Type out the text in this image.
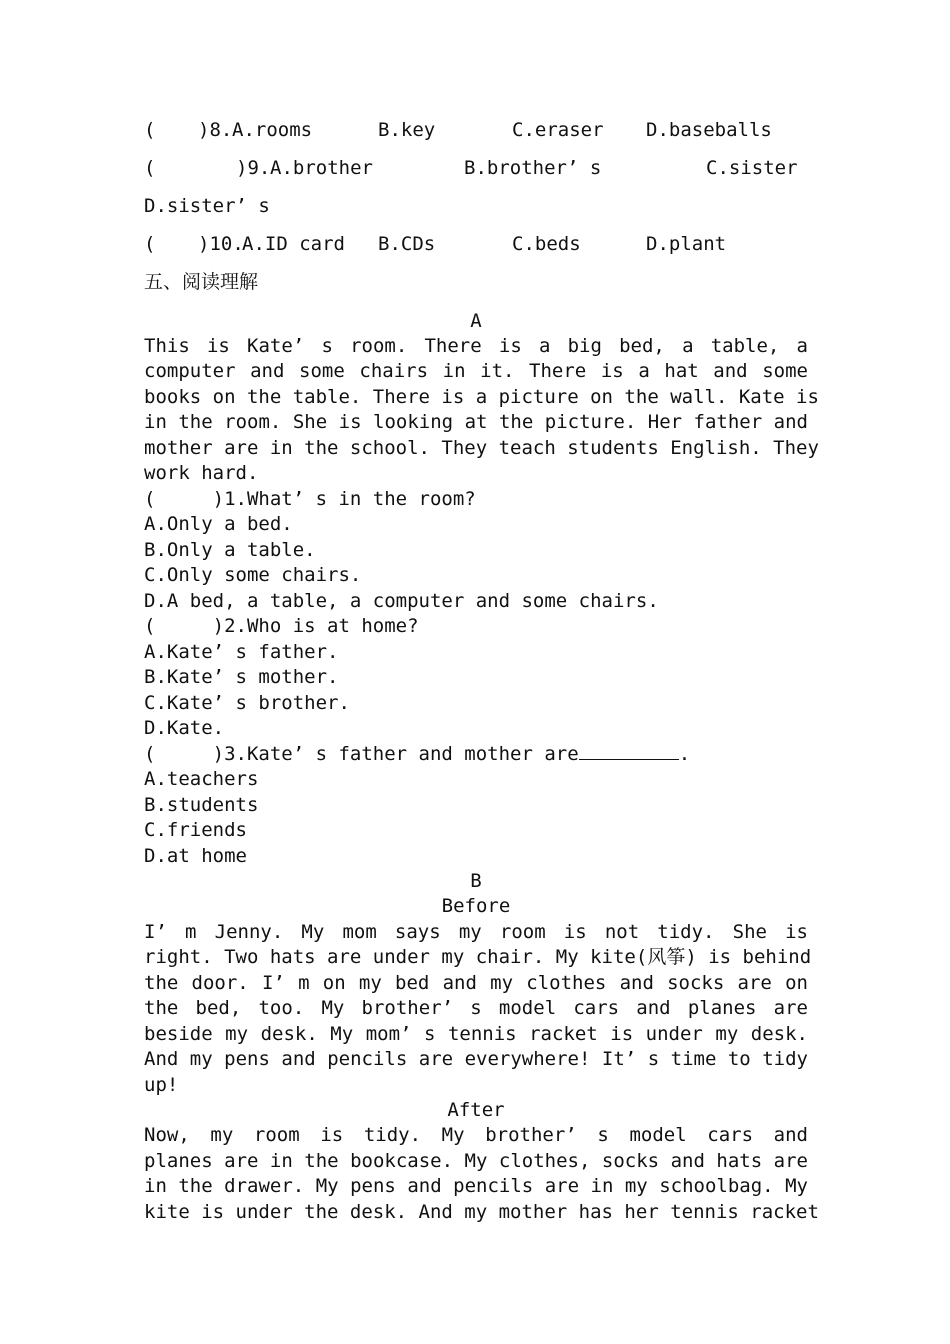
( )8. A.rooms	B.key	C.eraser D.baseballs
(	)9. A.brother	B.brother’ s	C.sister
D.sister’ s
( )10.
A.ID card B.CDs	C.beds	D.plant
五、阅读理解
A
This is Kate’ s room. There is a big bed, a table, a
computer and some chairs in it. There is a hat and some
books on the table. There is a picture on the wall. Kate is
in the room. She is looking at the picture. Her father and
mother are in the school. They teach students English. They
work hard.
(     )1.What’ s in the room?
A.Only a bed.
B.Only a table.
C.Only some chairs.
D.A bed, a table, a computer and some chairs.
(     )2.Who is at home?
A.Kate’ s father.
B.Kate’ s mother.
C.Kate’ s brother.
D.Kate.
(     )3.Kate’ s father and mother are	.
A.teachers
B.students
C.friends
D.at home
B
Before
I’ m Jenny. My mom says my room is not tidy. She is
right. Two hats are under my chair. My kite(风筝) is behind
the door. I’ m on my bed and my clothes and socks are on
the bed, too. My brother’ s model cars and planes are
beside my desk. My mom’ s tennis racket is under my desk.
And my pens and pencils are everywhere! It’ s time to tidy
up!
After
Now, my room is tidy. My brother’ s model cars and
planes are in the bookcase. My clothes, socks and hats are
in the drawer. My pens and pencils are in my schoolbag. My
kite is under the desk. And my mother has her tennis racket
